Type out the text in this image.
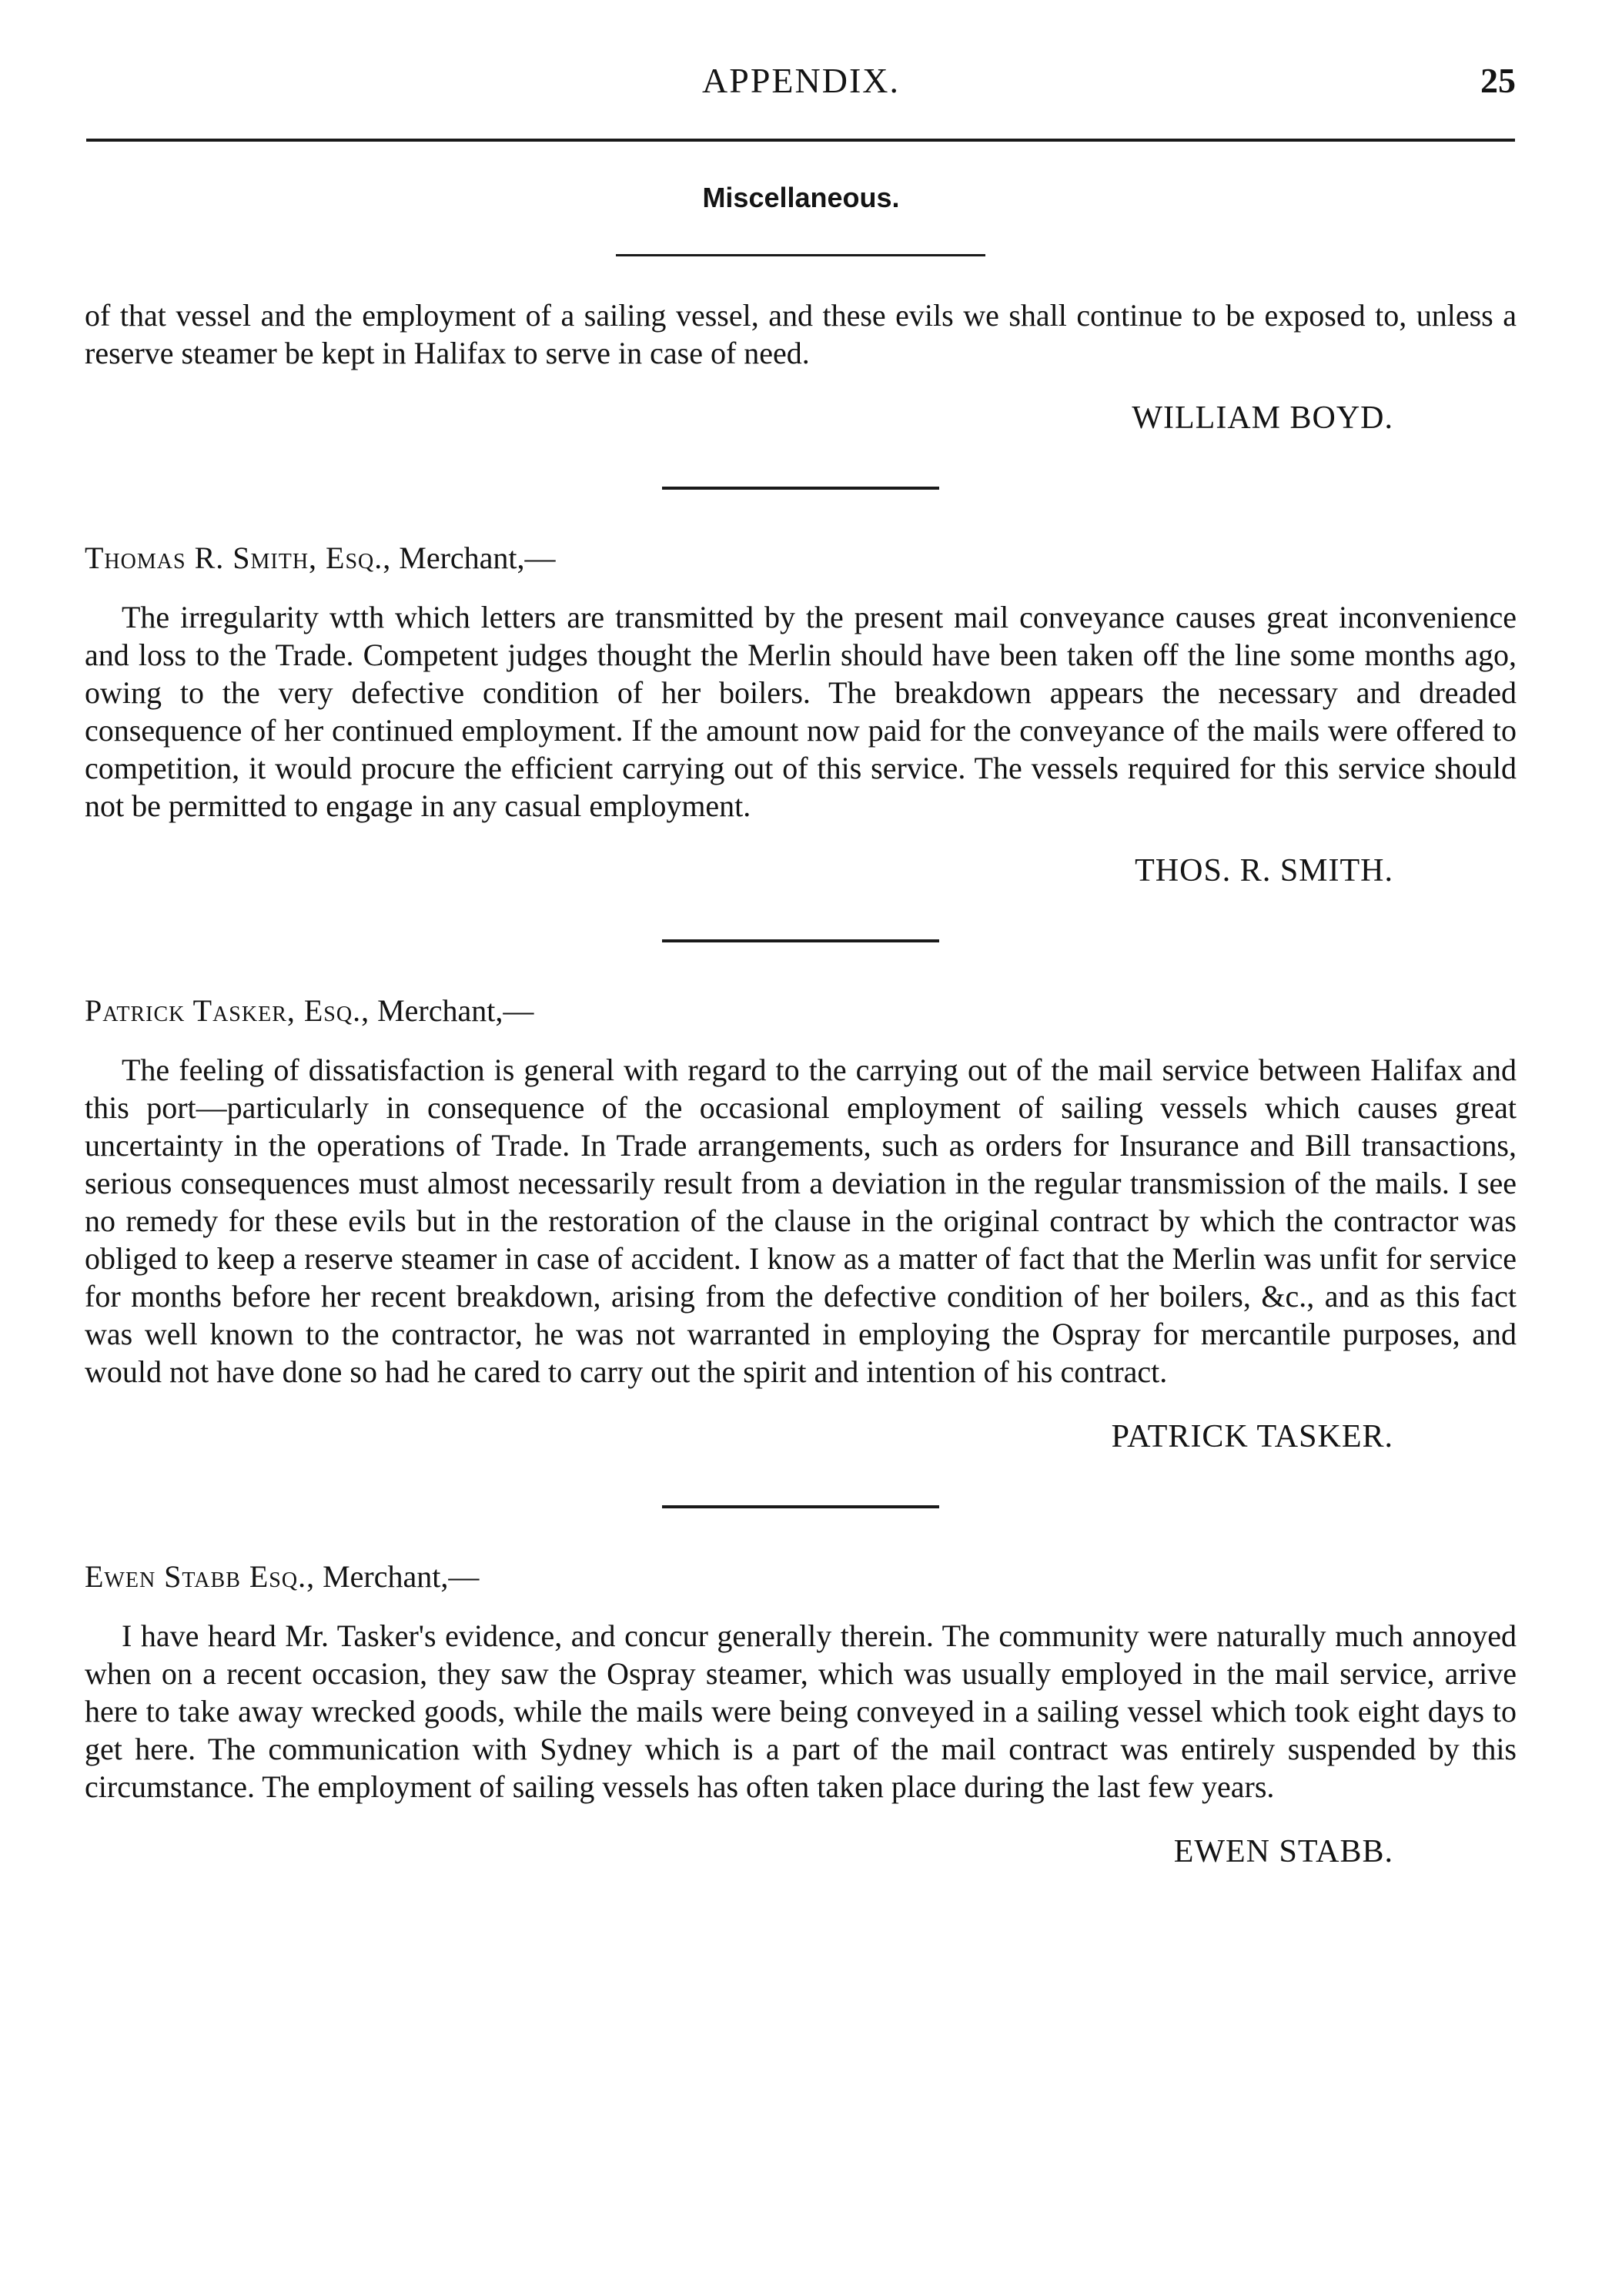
APPENDIX.	25
Miscellaneous.

of that vessel and the employment of a sailing vessel, and these evils we shall continue to be exposed to, unless a reserve steamer be kept in Halifax to serve in case of need.

WILLIAM BOYD.

Thomas R. Smith, Esq., Merchant,—

The irregularity wtth which letters are transmitted by the present mail conveyance causes great inconvenience and loss to the Trade. Competent judges thought the Merlin should have been taken off the line some months ago, owing to the very defective condition of her boilers. The breakdown appears the necessary and dreaded consequence of her continued employment. If the amount now paid for the conveyance of the mails were offered to competition, it would procure the efficient carrying out of this service. The vessels required for this service should not be permitted to engage in any casual employment.

THOS. R. SMITH.

Patrick Tasker, Esq., Merchant,—

The feeling of dissatisfaction is general with regard to the carrying out of the mail service between Halifax and this port—particularly in consequence of the occasional employment of sailing vessels which causes great uncertainty in the operations of Trade. In Trade arrangements, such as orders for Insurance and Bill transactions, serious consequences must almost necessarily result from a deviation in the regular transmission of the mails. I see no remedy for these evils but in the restoration of the clause in the original contract by which the contractor was obliged to keep a reserve steamer in case of accident. I know as a matter of fact that the Merlin was unfit for service for months before her recent breakdown, arising from the defective condition of her boilers, &c., and as this fact was well known to the contractor, he was not warranted in employing the Ospray for mercantile purposes, and would not have done so had he cared to carry out the spirit and intention of his contract.

PATRICK TASKER.

Ewen Stabb Esq., Merchant,—

I have heard Mr. Tasker's evidence, and concur generally therein. The community were naturally much annoyed when on a recent occasion, they saw the Ospray steamer, which was usually employed in the mail service, arrive here to take away wrecked goods, while the mails were being conveyed in a sailing vessel which took eight days to get here. The communication with Sydney which is a part of the mail contract was entirely suspended by this circumstance. The employment of sailing vessels has often taken place during the last few years.

EWEN STABB.
